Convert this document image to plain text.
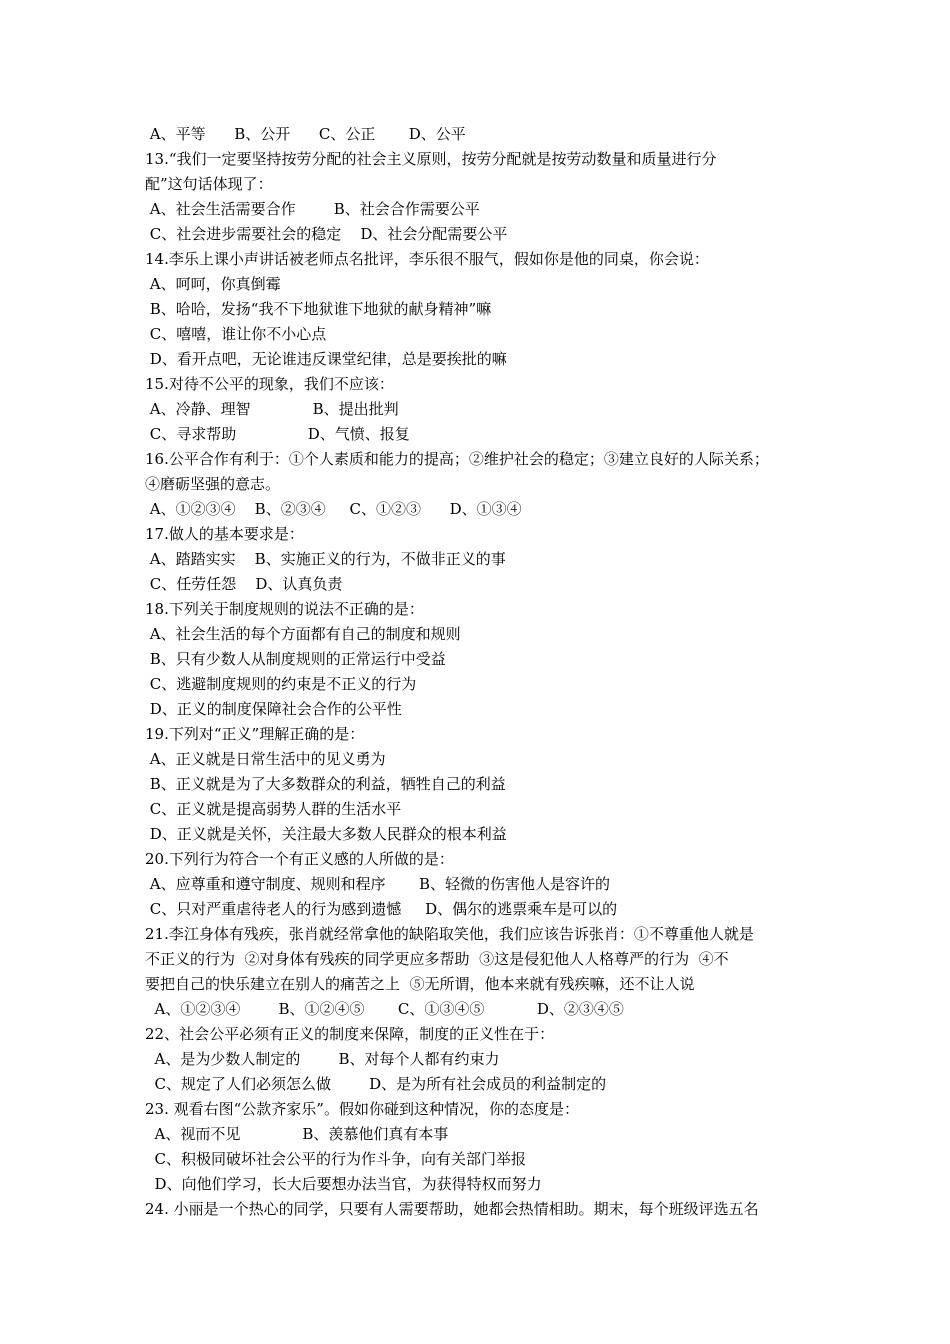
A、平等      B、公开      C、公正       D、公平
13.“我们一定要坚持按劳分配的社会主义原则，按劳分配就是按劳动数量和质量进行分
配”这句话体现了：
A、社会生活需要合作        B、社会合作需要公平
C、社会进步需要社会的稳定    D、社会分配需要公平
14.李乐上课小声讲话被老师点名批评，李乐很不服气，假如你是他的同桌，你会说：
A、呵呵，你真倒霉
B、哈哈，发扬“我不下地狱谁下地狱的献身精神”嘛
C、嘻嘻，谁让你不小心点
D、看开点吧，无论谁违反课堂纪律，总是要挨批的嘛
15.对待不公平的现象，我们不应该：
A、冷静、理智             B、提出批判
C、寻求帮助               D、气愤、报复
16.公平合作有利于：①个人素质和能力的提高；②维护社会的稳定；③建立良好的人际关系；
④磨砺坚强的意志。
A、①②③④    B、②③④     C、①②③      D、①③④
17.做人的基本要求是：
A、踏踏实实    B、实施正义的行为，不做非正义的事
C、任劳任怨    D、认真负责
18.下列关于制度规则的说法不正确的是：
A、社会生活的每个方面都有自己的制度和规则
B、只有少数人从制度规则的正常运行中受益
C、逃避制度规则的约束是不正义的行为
D、正义的制度保障社会合作的公平性
19.下列对“正义”理解正确的是：
A、正义就是日常生活中的见义勇为
B、正义就是为了大多数群众的利益，牺牲自己的利益
C、正义就是提高弱势人群的生活水平
D、正义就是关怀，关注最大多数人民群众的根本利益
20.下列行为符合一个有正义感的人所做的是：
A、应尊重和遵守制度、规则和程序       B、轻微的伤害他人是容许的
C、只对严重虐待老人的行为感到遗憾     D、偶尔的逃票乘车是可以的
21.李江身体有残疾，张肖就经常拿他的缺陷取笑他，我们应该告诉张肖：①不尊重他人就是
不正义的行为  ②对身体有残疾的同学更应多帮助  ③这是侵犯他人人格尊严的行为  ④不
要把自己的快乐建立在别人的痛苦之上  ⑤无所谓，他本来就有残疾嘛，还不让人说
A、①②③④        B、①②④⑤       C、①③④⑤           D、②③④⑤
22、社会公平必须有正义的制度来保障，制度的正义性在于：
A、是为少数人制定的        B、对每个人都有约束力
C、规定了人们必须怎么做        D、是为所有社会成员的利益制定的
23. 观看右图“公款齐家乐”。假如你碰到这种情况，你的态度是：
A、视而不见             B、羡慕他们真有本事
C、积极同破坏社会公平的行为作斗争，向有关部门举报
D、向他们学习，长大后要想办法当官，为获得特权而努力
24. 小丽是一个热心的同学，只要有人需要帮助，她都会热情相助。期末，每个班级评选五名
